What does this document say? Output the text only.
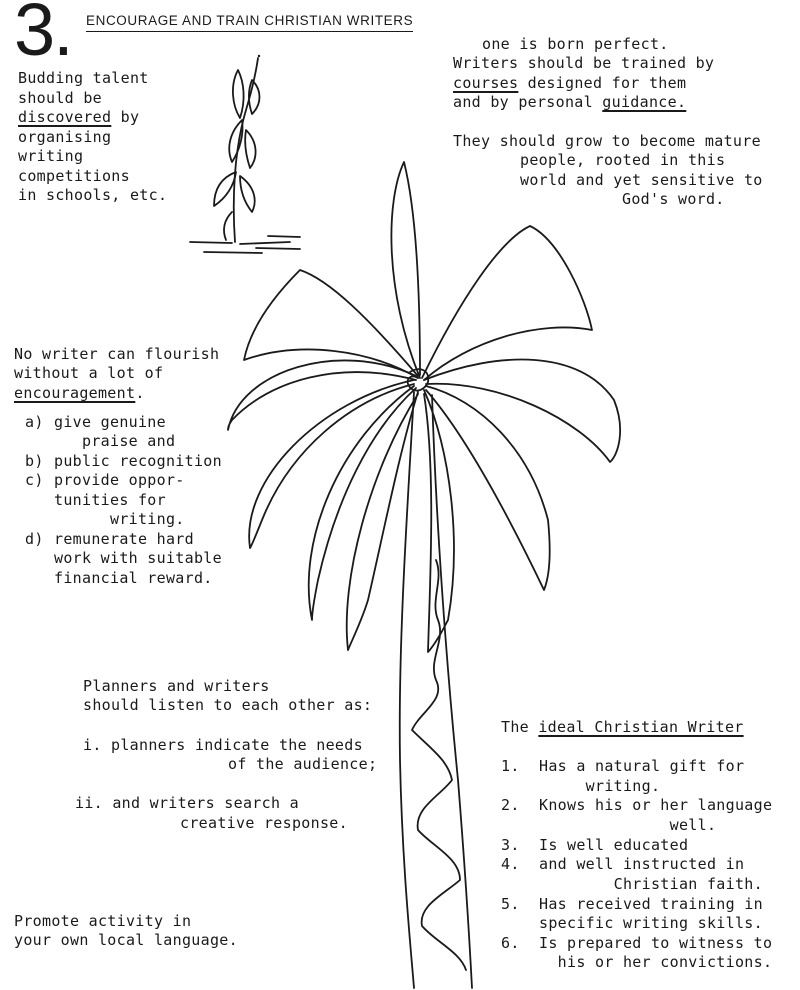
3. ENCOURAGE AND TRAIN CHRISTIAN WRITERS
Budding talent
should be
discovered by
organising
writing
competitions
in schools, etc.
one is born perfect.
Writers should be trained by
courses designed for them
and by personal guidance.
They should grow to become mature
people, rooted in this
world and yet sensitive to
God's word.
No writer can flourish
without a lot of
encouragement.
a) give genuine
praise and
b) public recognition
c) provide oppor-
tunities for
writing.
d) remunerate hard
work with suitable
financial reward.
Planners and writers
should listen to each other as:
i. planners indicate the needs
of the audience;
ii. and writers search a
creative response.
Promote activity in
your own local language.
The ideal Christian Writer
1. Has a natural gift for
writing.
2. Knows his or her language
well.
3. Is well educated
4. and well instructed in
Christian faith.
5. Has received training in
specific writing skills.
6. Is prepared to witness to
his or her convictions.
